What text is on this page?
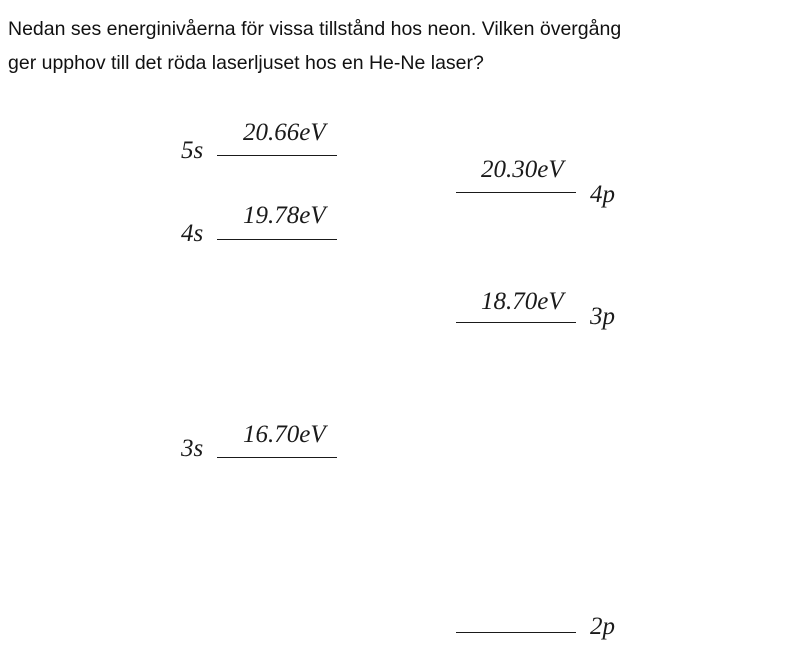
Nedan ses energinivåerna för vissa tillstånd hos neon. Vilken övergång
ger upphov till det röda laserljuset hos en He-Ne laser?
5s
20.66eV
4s
19.78eV
3s
16.70eV
20.30eV
4p
18.70eV
3p
2p
